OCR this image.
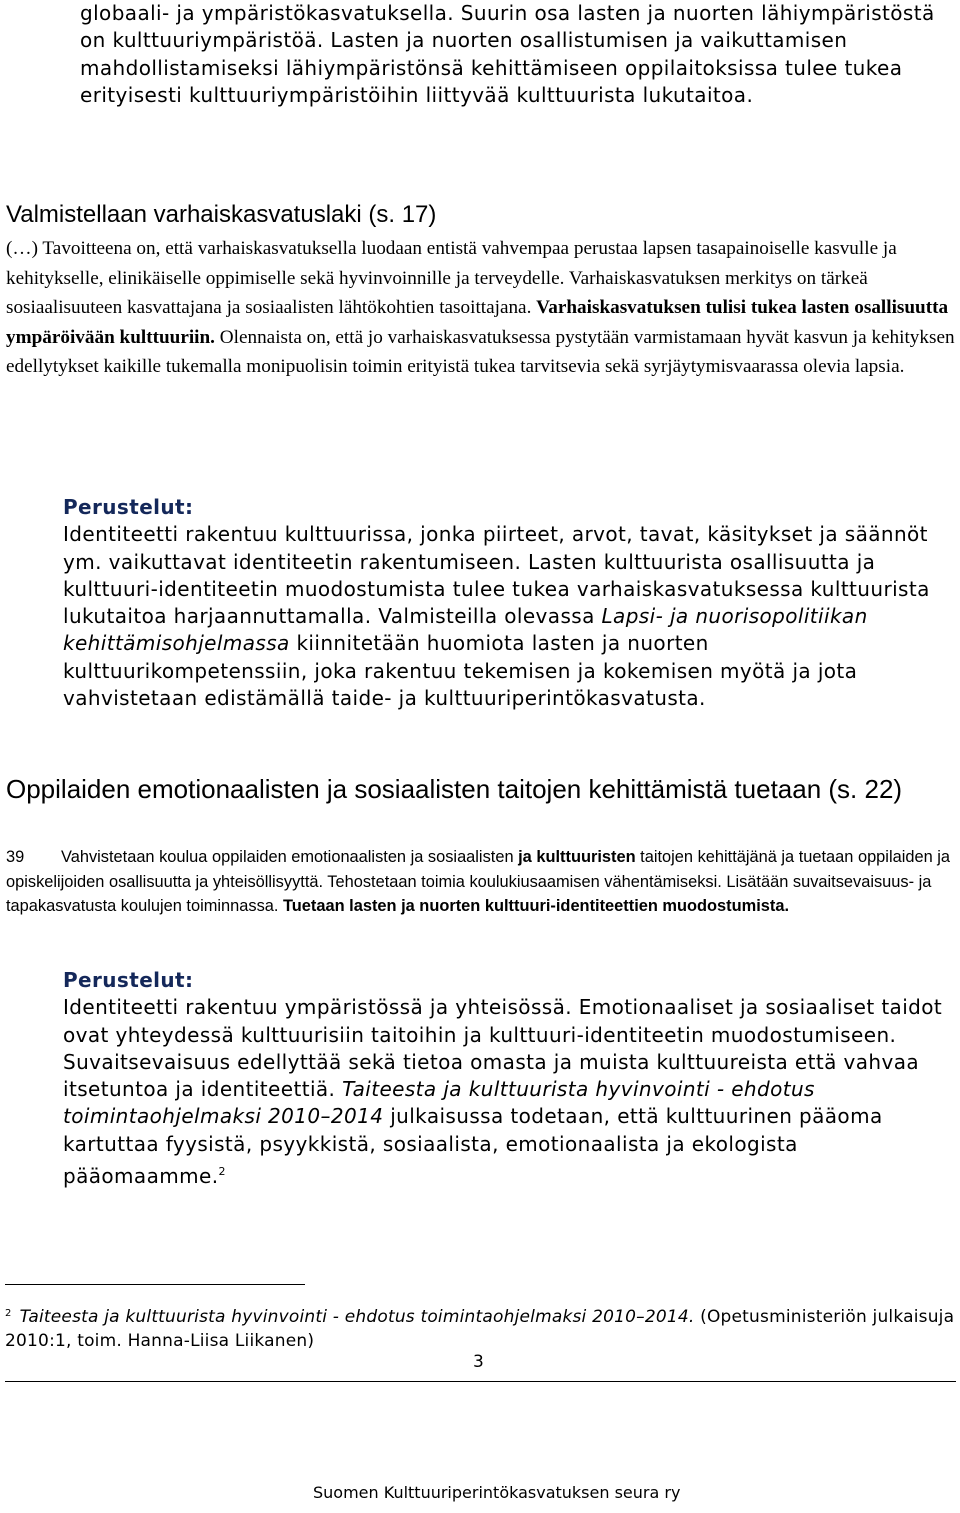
globaali- ja ympäristökasvatuksella. Suurin osa lasten ja nuorten lähiympäristöstä on kulttuuriympäristöä. Lasten ja nuorten osallistumisen ja vaikuttamisen mahdollistamiseksi lähiympäristönsä kehittämiseen oppilaitoksissa tulee tukea erityisesti kulttuuriympäristöihin liittyvää kulttuurista lukutaitoa.

Valmistellaan varhaiskasvatuslaki (s. 17)

(…) Tavoitteena on, että varhaiskasvatuksella luodaan entistä vahvempaa perustaa lapsen tasapainoiselle kasvulle ja kehitykselle, elinikäiselle oppimiselle sekä hyvinvoinnille ja terveydelle. Varhaiskasvatuksen merkitys on tärkeä sosiaalisuuteen kasvattajana ja sosiaalisten lähtökohtien tasoittajana. Varhaiskasvatuksen tulisi tukea lasten osallisuutta ympäröivään kulttuuriin. Olennaista on, että jo varhaiskasvatuksessa pystytään varmistamaan hyvät kasvun ja kehityksen edellytykset kaikille tukemalla monipuolisin toimin erityistä tukea tarvitsevia sekä syrjäytymisvaarassa olevia lapsia.

Perustelut:
Identiteetti rakentuu kulttuurissa, jonka piirteet, arvot, tavat, käsitykset ja säännöt ym. vaikuttavat identiteetin rakentumiseen. Lasten kulttuurista osallisuutta ja kulttuuri-identiteetin muodostumista tulee tukea varhaiskasvatuksessa kulttuurista lukutaitoa harjaannuttamalla. Valmisteilla olevassa Lapsi- ja nuorisopolitiikan kehittämisohjelmassa kiinnitetään huomiota lasten ja nuorten kulttuurikompetenssiin, joka rakentuu tekemisen ja kokemisen myötä ja jota vahvistetaan edistämällä taide- ja kulttuuriperintökasvatusta.

Oppilaiden emotionaalisten ja sosiaalisten taitojen kehittämistä tuetaan (s. 22)

39 Vahvistetaan koulua oppilaiden emotionaalisten ja sosiaalisten ja kulttuuristen taitojen kehittäjänä ja tuetaan oppilaiden ja opiskelijoiden osallisuutta ja yhteisöllisyyttä. Tehostetaan toimia koulukiusaamisen vähentämiseksi. Lisätään suvaitsevaisuus- ja tapakasvatusta koulujen toiminnassa. Tuetaan lasten ja nuorten kulttuuri-identiteettien muodostumista.

Perustelut:
Identiteetti rakentuu ympäristössä ja yhteisössä. Emotionaaliset ja sosiaaliset taidot ovat yhteydessä kulttuurisiin taitoihin ja kulttuuri-identiteetin muodostumiseen. Suvaitsevaisuus edellyttää sekä tietoa omasta ja muista kulttuureista että vahvaa itsetuntoa ja identiteettiä. Taiteesta ja kulttuurista hyvinvointi - ehdotus toimintaohjelmaksi 2010–2014 julkaisussa todetaan, että kulttuurinen pääoma kartuttaa fyysistä, psyykkistä, sosiaalista, emotionaalista ja ekologista pääomaamme.$^2$

$^2$ Taiteesta ja kulttuurista hyvinvointi - ehdotus toimintaohjelmaksi 2010–2014. (Opetusministeriön julkaisuja 2010:1, toim. Hanna-Liisa Liikanen)

3
Suomen Kulttuuriperintökasvatuksen seura ry
